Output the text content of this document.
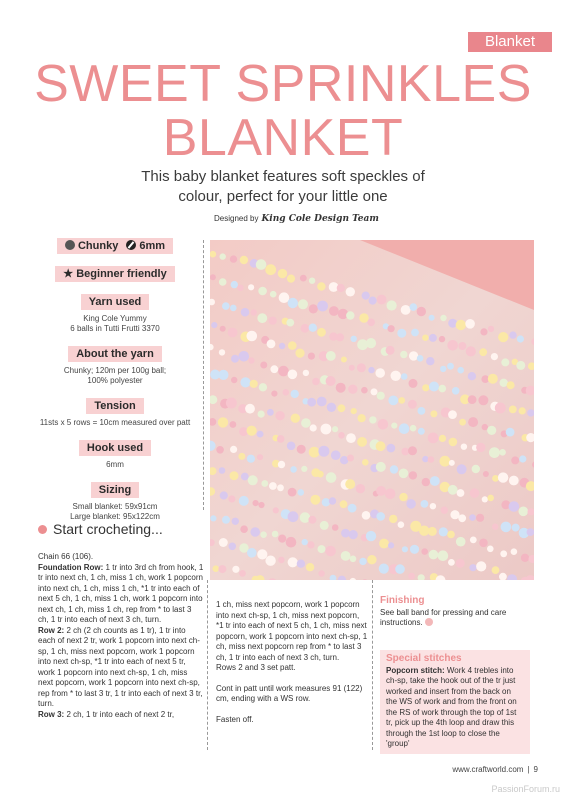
Blanket
SWEET SPRINKLES
BLANKET
This baby blanket features soft speckles of
colour, perfect for your little one
Designed by King Cole Design Team
Chunky 6mm
★ Beginner friendly
Yarn used
King Cole Yummy
6 balls in Tutti Frutti 3370
About the yarn
Chunky; 120m per 100g ball;
100% polyester
Tension
11sts x 5 rows = 10cm measured over patt
Hook used
6mm
Sizing
Small blanket: 59x91cm
Large blanket: 95x122cm
Start crocheting...

Chain 66 (106).

Foundation Row: 1 tr into 3rd ch from hook, 1 tr into next ch, 1 ch, miss 1 ch, work 1 popcorn into next ch, 1 ch, miss 1 ch, *1 tr into each of next 5 ch, 1 ch, miss 1 ch, work 1 popcorn into next ch, 1 ch, miss 1 ch, rep from * to last 3 ch, 1 tr into each of next 3 ch, turn.

Row 2: 2 ch (2 ch counts as 1 tr), 1 tr into each of next 2 tr, work 1 popcorn into next ch-sp, 1 ch, miss next popcorn, work 1 popcorn into next ch-sp, *1 tr into each of next 5 tr, work 1 popcorn into next ch-sp, 1 ch, miss next popcorn, work 1 popcorn into next ch-sp, rep from * to last 3 tr, 1 tr into each of next 3 tr, turn.

Row 3: 2 ch, 1 tr into each of next 2 tr,

1 ch, miss next popcorn, work 1 popcorn into next ch-sp, 1 ch, miss next popcorn, *1 tr into each of next 5 ch, 1 ch, miss next popcorn, work 1 popcorn into next ch-sp, 1 ch, miss next popcorn rep from * to last 3 ch, 1 tr into each of next 3 ch, turn.

Rows 2 and 3 set patt.

Cont in patt until work measures 91 (122) cm, ending with a WS row.

Fasten off.

Finishing

See ball band for pressing and care instructions.

Special stitches

Popcorn stitch: Work 4 trebles into ch-sp, take the hook out of the tr just worked and insert from the back on the WS of work and from the front on the RS of work through the top of 1st tr, pick up the 4th loop and draw this through the 1st loop to close the 'group'

www.craftworld.com | 9
PassionForum.ru
